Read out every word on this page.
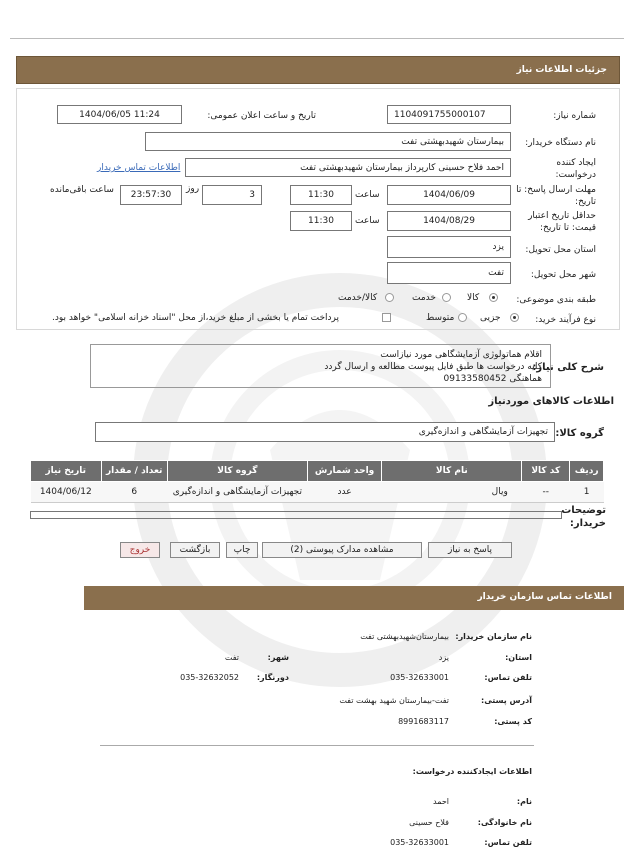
جزئیات اطلاعات نیاز
شماره نیاز:
1104091755000107
تاریخ و ساعت اعلان عمومی:
1404/06/05 11:24
نام دستگاه خریدار:
بیمارستان شهیدبهشتی تفت
ایجاد کننده
درخواست:
احمد فلاح حسینی کارپرداز بیمارستان شهیدبهشتی تفت
اطلاعات تماس خریدار
مهلت ارسال پاسخ: تا
تاریخ:
1404/06/09
ساعت
11:30
3
روز
23:57:30
ساعت باقی‌مانده
حداقل تاریخ اعتبار
قیمت: تا تاریخ:
1404/08/29
ساعت
11:30
استان محل تحویل:
یزد
شهر محل تحویل:
تفت
طبقه بندی موضوعی:
کالا
خدمت
کالا/خدمت
نوع فرآیند خرید:
جزیی
متوسط
پرداخت تمام یا بخشی از مبلغ خرید،از محل "اسناد خزانه اسلامی" خواهد بود.
شرح کلی نیاز:
اقلام هماتولوژی آزمایشگاهی مورد نیازاست
کلیه درخواست ها طبق فایل پیوست مطالعه و ارسال گردد
هماهنگی 09133580452
اطلاعات کالاهای موردنیاز
گروه کالا:
تجهیزات آزمایشگاهی و اندازه‌گیری
ردیف	کد کالا	نام کالا	واحد شمارش	گروه کالا	تعداد / مقدار	تاریخ نیاز
1	--	ویال	عدد	تجهیزات آزمایشگاهی و اندازه‌گیری	6	1404/06/12
توضیحات
خریدار:
پاسخ به نیاز
مشاهده مدارک پیوستی (2)
چاپ
بازگشت
خروج
اطلاعات تماس سازمان خریدار
نام سازمان خریدار:
بیمارستان‌شهیدبهشتی تفت
استان:
یزد
شهر:
تفت
تلفن تماس:
035-32633001
دورنگار:
035-32632052
آدرس پستی:
تفت-بیمارستان شهید بهشت تفت
کد پستی:
8991683117
اطلاعات ایجادکننده درخواست:
نام:
احمد
نام خانوادگی:
فلاح حسینی
تلفن تماس:
035-32633001
